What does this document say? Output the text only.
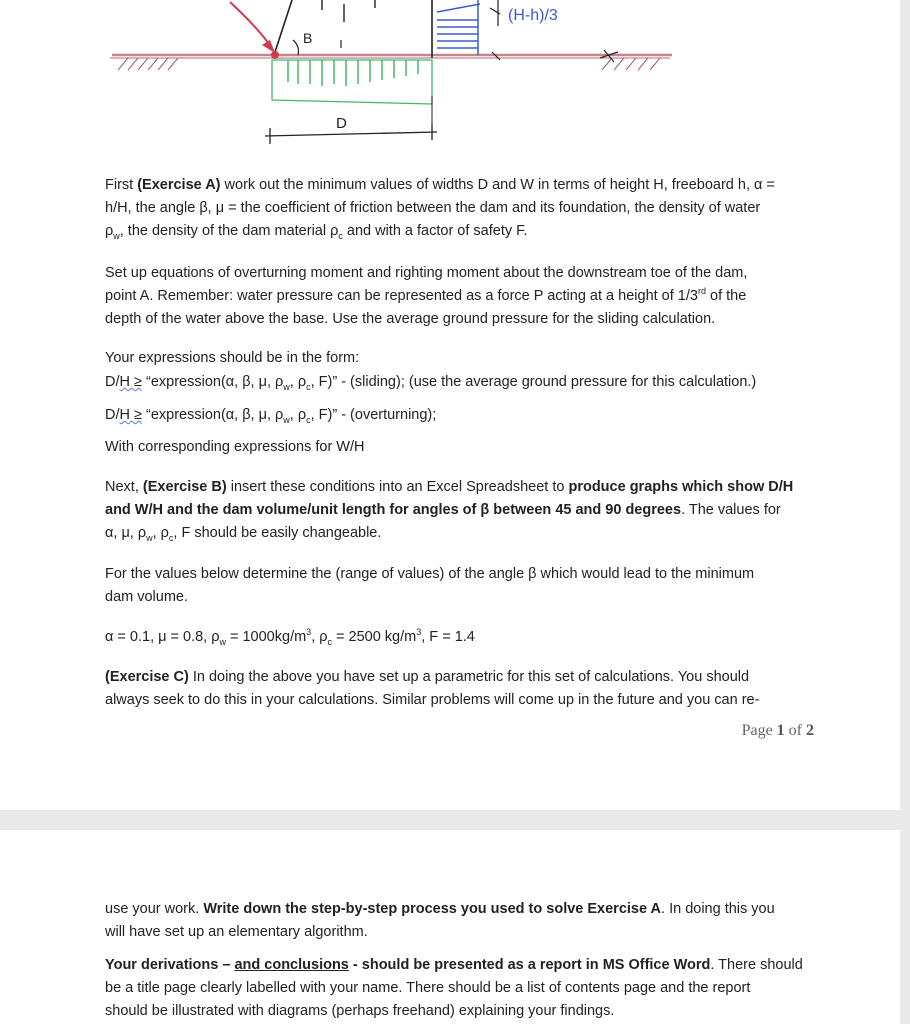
B
(H-h)/3
D

First (Exercise A) work out the minimum values of widths D and W in terms of height H, freeboard h, α =
h/H, the angle β, μ = the coefficient of friction between the dam and its foundation, the density of water
$\rho_w$, the density of the dam material $\rho_c$ and with a factor of safety F.

Set up equations of overturning moment and righting moment about the downstream toe of the dam,
point A. Remember: water pressure can be represented as a force P acting at a height of 1/3rd of the
depth of the water above the base. Use the average ground pressure for the sliding calculation.

Your expressions should be in the form:

D/H ≥ “expression(α, β, μ, $\rho_w$, $\rho_c$, F)” - (sliding); (use the average ground pressure for this calculation.)

D/H ≥ “expression(α, β, μ, $\rho_w$, $\rho_c$, F)” - (overturning);

With corresponding expressions for W/H

Next, (Exercise B) insert these conditions into an Excel Spreadsheet to produce graphs which show D/H
and W/H and the dam volume/unit length for angles of β between 45 and 90 degrees. The values for
α, μ, $\rho_w$, $\rho_c$, F should be easily changeable.

For the values below determine the (range of values) of the angle β which would lead to the minimum
dam volume.

α = 0.1, μ = 0.8, $\rho_w = 1000kg/m^3$, $\rho_c = 2500$ $kg/m^3$, F = 1.4

(Exercise C) In doing the above you have set up a parametric for this set of calculations. You should
always seek to do this in your calculations. Similar problems will come up in the future and you can re-

Page 1 of 2

use your work. Write down the step-by-step process you used to solve Exercise A. In doing this you
will have set up an elementary algorithm.

Your derivations – and conclusions - should be presented as a report in MS Office Word. There should
be a title page clearly labelled with your name. There should be a list of contents page and the report
should be illustrated with diagrams (perhaps freehand) explaining your findings.
